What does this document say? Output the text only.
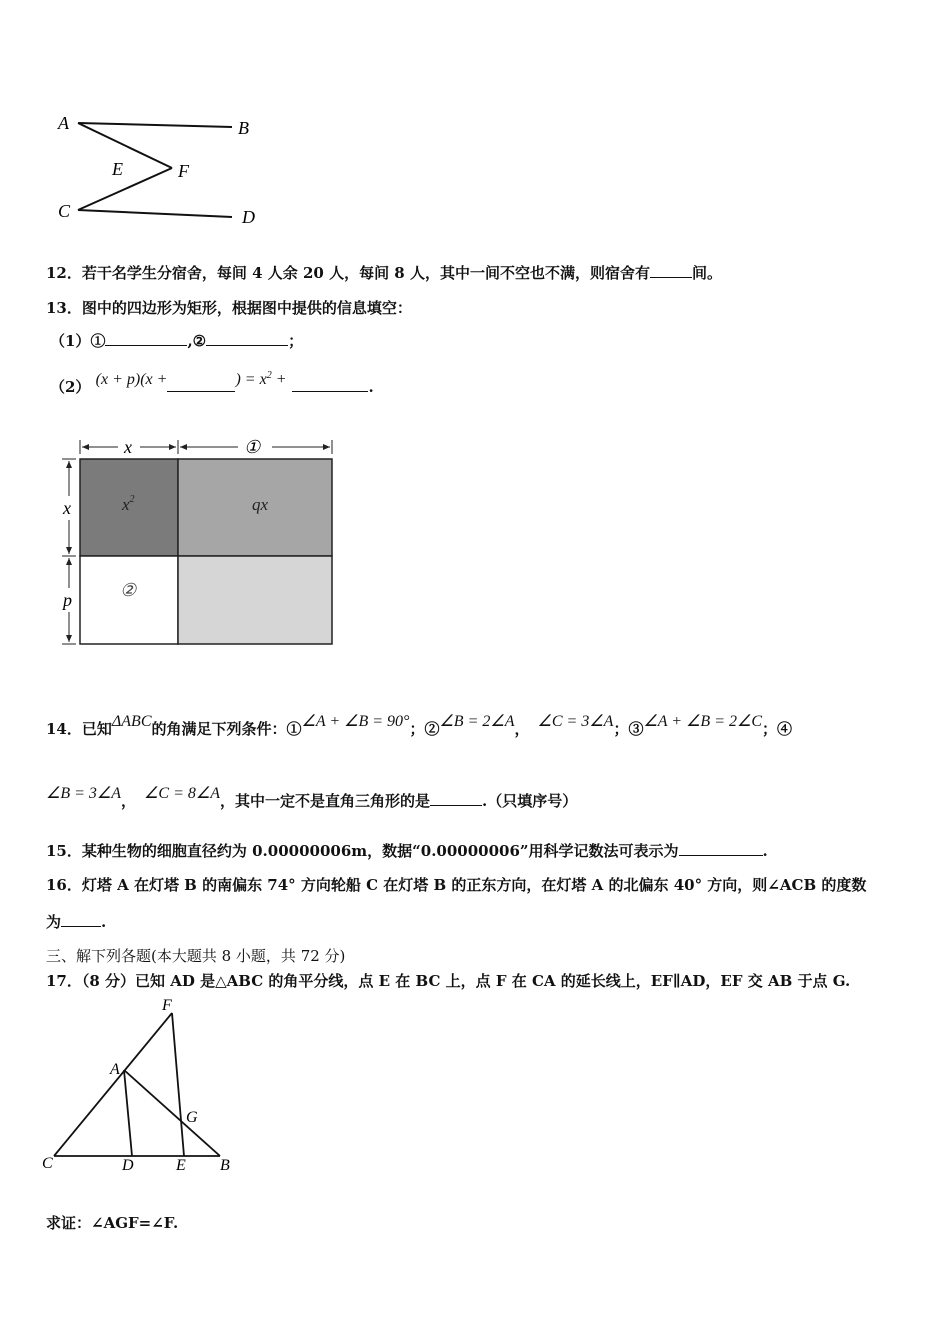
A	B
E	F
C	D
12．若干名学生分宿舍，每间 4 人余 20 人，每间 8 人，其中一间不空也不满，则宿舍有	间。
13．图中的四边形为矩形，根据图中提供的信息填空：
（1）①	,②	；
（2） (x + p)(x +	) = $x^2$ +	.
x	①
x
p
$x^2$	qx
②
14．已知ΔABC的角满足下列条件：①∠A + ∠B = 90°；②∠B = 2∠A， ∠C = 3∠A；③∠A + ∠B = 2∠C；④
∠B = 3∠A， ∠C = 8∠A，其中一定不是直角三角形的是	.（只填序号）
15．某种生物的细胞直径约为 0.00000006m，数据“0.00000006”用科学记数法可表示为	.
16．灯塔 A 在灯塔 B 的南偏东 74° 方向轮船 C 在灯塔 B 的正东方向，在灯塔 A 的北偏东 40° 方向，则∠ACB 的度数
为	.
三、解下列各题(本大题共 8 小题，共 72 分)
17．（8 分）已知 AD 是△ABC 的角平分线，点 E 在 BC 上，点 F 在 CA 的延长线上，EF∥AD，EF 交 AB 于点 G.
F
A
G
C	D	E B
求证：∠AGF=∠F.
